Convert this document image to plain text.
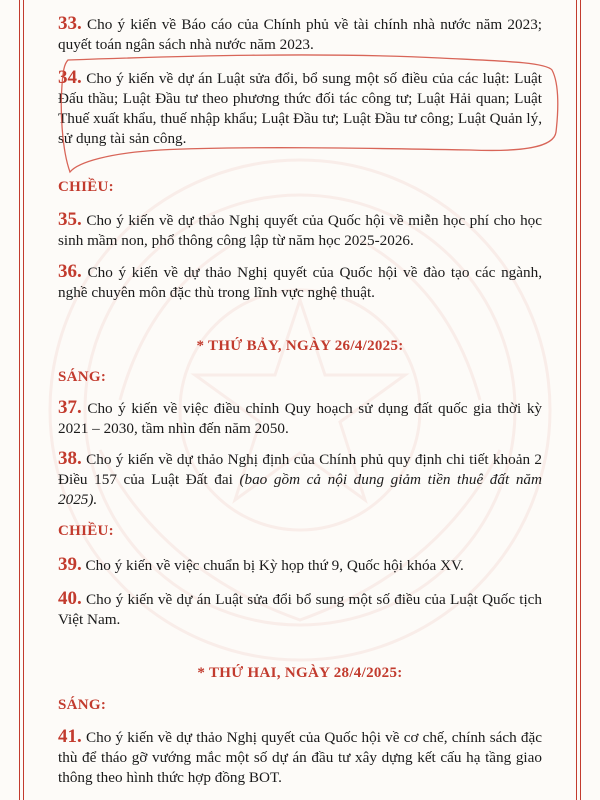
33. Cho ý kiến về Báo cáo của Chính phủ về tài chính nhà nước năm 2023; quyết toán ngân sách nhà nước năm 2023.
34. Cho ý kiến về dự án Luật sửa đổi, bổ sung một số điều của các luật: Luật Đấu thầu; Luật Đầu tư theo phương thức đối tác công tư; Luật Hải quan; Luật Thuế xuất khẩu, thuế nhập khẩu; Luật Đầu tư; Luật Đầu tư công; Luật Quản lý, sử dụng tài sản công.
CHIỀU:
35. Cho ý kiến về dự thảo Nghị quyết của Quốc hội về miễn học phí cho học sinh mầm non, phổ thông công lập từ năm học 2025-2026.
36. Cho ý kiến về dự thảo Nghị quyết của Quốc hội về đào tạo các ngành, nghề chuyên môn đặc thù trong lĩnh vực nghệ thuật.
* THỨ BẢY, NGÀY 26/4/2025:
SÁNG:
37. Cho ý kiến về việc điều chỉnh Quy hoạch sử dụng đất quốc gia thời kỳ 2021 – 2030, tầm nhìn đến năm 2050.
38. Cho ý kiến về dự thảo Nghị định của Chính phủ quy định chi tiết khoản 2 Điều 157 của Luật Đất đai (bao gồm cả nội dung giảm tiền thuê đất năm 2025).
CHIỀU:
39. Cho ý kiến về việc chuẩn bị Kỳ họp thứ 9, Quốc hội khóa XV.
40. Cho ý kiến về dự án Luật sửa đổi bổ sung một số điều của Luật Quốc tịch Việt Nam.
* THỨ HAI, NGÀY 28/4/2025:
SÁNG:
41. Cho ý kiến về dự thảo Nghị quyết của Quốc hội về cơ chế, chính sách đặc thù để tháo gỡ vướng mắc một số dự án đầu tư xây dựng kết cấu hạ tầng giao thông theo hình thức hợp đồng BOT.
